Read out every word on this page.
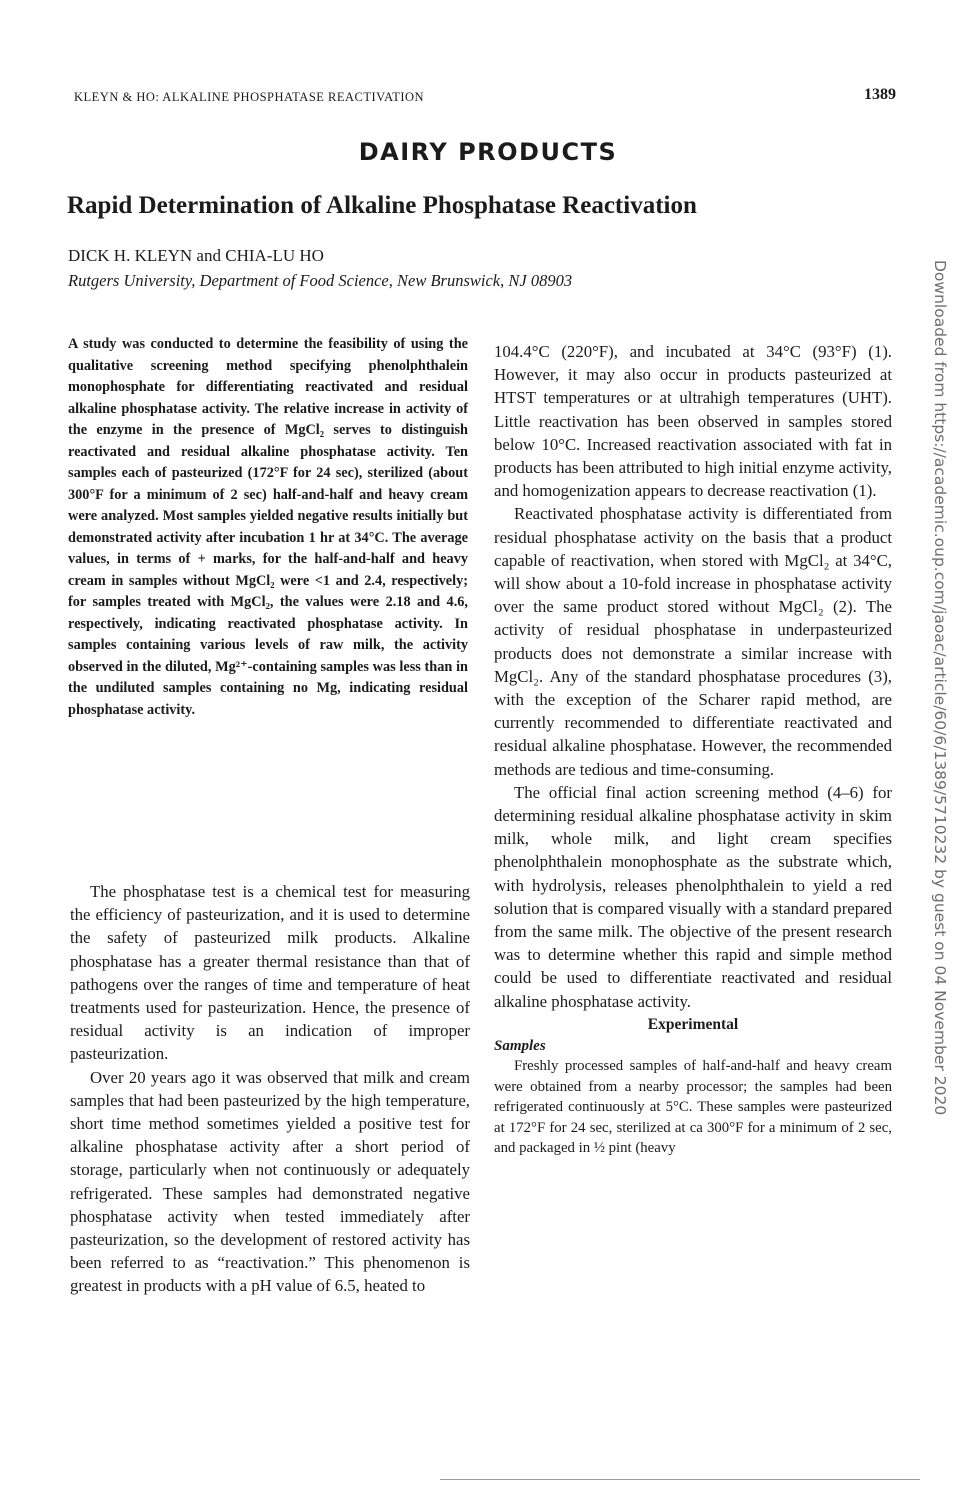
KLEYN & HO: ALKALINE PHOSPHATASE REACTIVATION	1389
DAIRY PRODUCTS
Rapid Determination of Alkaline Phosphatase Reactivation
DICK H. KLEYN and CHIA-LU HO
Rutgers University, Department of Food Science, New Brunswick, NJ 08903
A study was conducted to determine the feasibility of using the qualitative screening method specifying phenolphthalein monophosphate for differentiating reactivated and residual alkaline phosphatase activity. The relative increase in activity of the enzyme in the presence of MgCl₂ serves to distinguish reactivated and residual alkaline phosphatase activity. Ten samples each of pasteurized (172°F for 24 sec), sterilized (about 300°F for a minimum of 2 sec) half-and-half and heavy cream were analyzed. Most samples yielded negative results initially but demonstrated activity after incubation 1 hr at 34°C. The average values, in terms of + marks, for the half-and-half and heavy cream in samples without MgCl₂ were <1 and 2.4, respectively; for samples treated with MgCl₂, the values were 2.18 and 4.6, respectively, indicating reactivated phosphatase activity. In samples containing various levels of raw milk, the activity observed in the diluted, Mg²⁺-containing samples was less than in the undiluted samples containing no Mg, indicating residual phosphatase activity.

The phosphatase test is a chemical test for measuring the efficiency of pasteurization, and it is used to determine the safety of pasteurized milk products. Alkaline phosphatase has a greater thermal resistance than that of pathogens over the ranges of time and temperature of heat treatments used for pasteurization. Hence, the presence of residual activity is an indication of improper pasteurization.

Over 20 years ago it was observed that milk and cream samples that had been pasteurized by the high temperature, short time method sometimes yielded a positive test for alkaline phosphatase activity after a short period of storage, particularly when not continuously or adequately refrigerated. These samples had demonstrated negative phosphatase activity when tested immediately after pasteurization, so the development of restored activity has been referred to as “reactivation.” This phenomenon is greatest in products with a pH value of 6.5, heated to

104.4°C (220°F), and incubated at 34°C (93°F) (1). However, it may also occur in products pasteurized at HTST temperatures or at ultrahigh temperatures (UHT). Little reactivation has been observed in samples stored below 10°C. Increased reactivation associated with fat in products has been attributed to high initial enzyme activity, and homogenization appears to decrease reactivation (1).

Reactivated phosphatase activity is differentiated from residual phosphatase activity on the basis that a product capable of reactivation, when stored with MgCl₂ at 34°C, will show about a 10-fold increase in phosphatase activity over the same product stored without MgCl₂ (2). The activity of residual phosphatase in underpasteurized products does not demonstrate a similar increase with MgCl₂. Any of the standard phosphatase procedures (3), with the exception of the Scharer rapid method, are currently recommended to differentiate reactivated and residual alkaline phosphatase. However, the recommended methods are tedious and time-consuming.

The official final action screening method (4–6) for determining residual alkaline phosphatase activity in skim milk, whole milk, and light cream specifies phenolphthalein monophosphate as the substrate which, with hydrolysis, releases phenolphthalein to yield a red solution that is compared visually with a standard prepared from the same milk. The objective of the present research was to determine whether this rapid and simple method could be used to differentiate reactivated and residual alkaline phosphatase activity.

Experimental

Samples

Freshly processed samples of half-and-half and heavy cream were obtained from a nearby processor; the samples had been refrigerated continuously at 5°C. These samples were pasteurized at 172°F for 24 sec, sterilized at ca 300°F for a minimum of 2 sec, and packaged in ½ pint (heavy

Downloaded from https://academic.oup.com/jaoac/article/60/6/1389/5710232 by guest on 04 November 2020
